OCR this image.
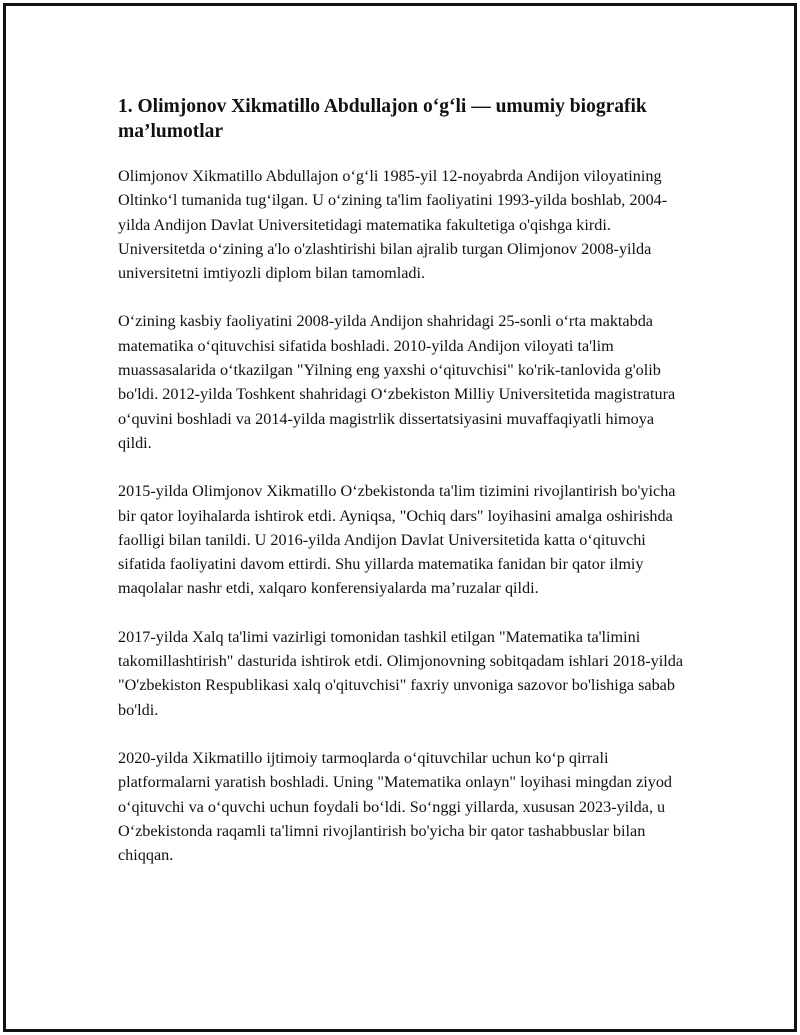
1. Olimjonov Xikmatillo Abdullajon o‘g‘li — umumiy biografik ma’lumotlar

Olimjonov Xikmatillo Abdullajon o‘g‘li 1985-yil 12-noyabrda Andijon viloyatining Oltinko‘l tumanida tug‘ilgan. U o‘zining ta'lim faoliyatini 1993-yilda boshlab, 2004-yilda Andijon Davlat Universitetidagi matematika fakultetiga o'qishga kirdi. Universitetda o‘zining a'lo o'zlashtirishi bilan ajralib turgan Olimjonov 2008-yilda universitetni imtiyozli diplom bilan tamomladi.

O‘zining kasbiy faoliyatini 2008-yilda Andijon shahridagi 25-sonli o‘rta maktabda matematika o‘qituvchisi sifatida boshladi. 2010-yilda Andijon viloyati ta'lim muassasalarida o‘tkazilgan "Yilning eng yaxshi o‘qituvchisi" ko'rik-tanlovida g'olib bo'ldi. 2012-yilda Toshkent shahridagi O‘zbekiston Milliy Universitetida magistratura o‘quvini boshladi va 2014-yilda magistrlik dissertatsiyasini muvaffaqiyatli himoya qildi.

2015-yilda Olimjonov Xikmatillo O‘zbekistonda ta'lim tizimini rivojlantirish bo'yicha bir qator loyihalarda ishtirok etdi. Ayniqsa, "Ochiq dars" loyihasini amalga oshirishda faolligi bilan tanildi. U 2016-yilda Andijon Davlat Universitetida katta o‘qituvchi sifatida faoliyatini davom ettirdi. Shu yillarda matematika fanidan bir qator ilmiy maqolalar nashr etdi, xalqaro konferensiyalarda ma’ruzalar qildi.

2017-yilda Xalq ta'limi vazirligi tomonidan tashkil etilgan "Matematika ta'limini takomillashtirish" dasturida ishtirok etdi. Olimjonovning sobitqadam ishlari 2018-yilda "O'zbekiston Respublikasi xalq o'qituvchisi" faxriy unvoniga sazovor bo'lishiga sabab bo'ldi.

2020-yilda Xikmatillo ijtimoiy tarmoqlarda o‘qituvchilar uchun ko‘p qirrali platformalarni yaratish boshladi. Uning "Matematika onlayn" loyihasi mingdan ziyod o‘qituvchi va o‘quvchi uchun foydali bo‘ldi. So‘nggi yillarda, xususan 2023-yilda, u O‘zbekistonda raqamli ta'limni rivojlantirish bo'yicha bir qator tashabbuslar bilan chiqqan.
